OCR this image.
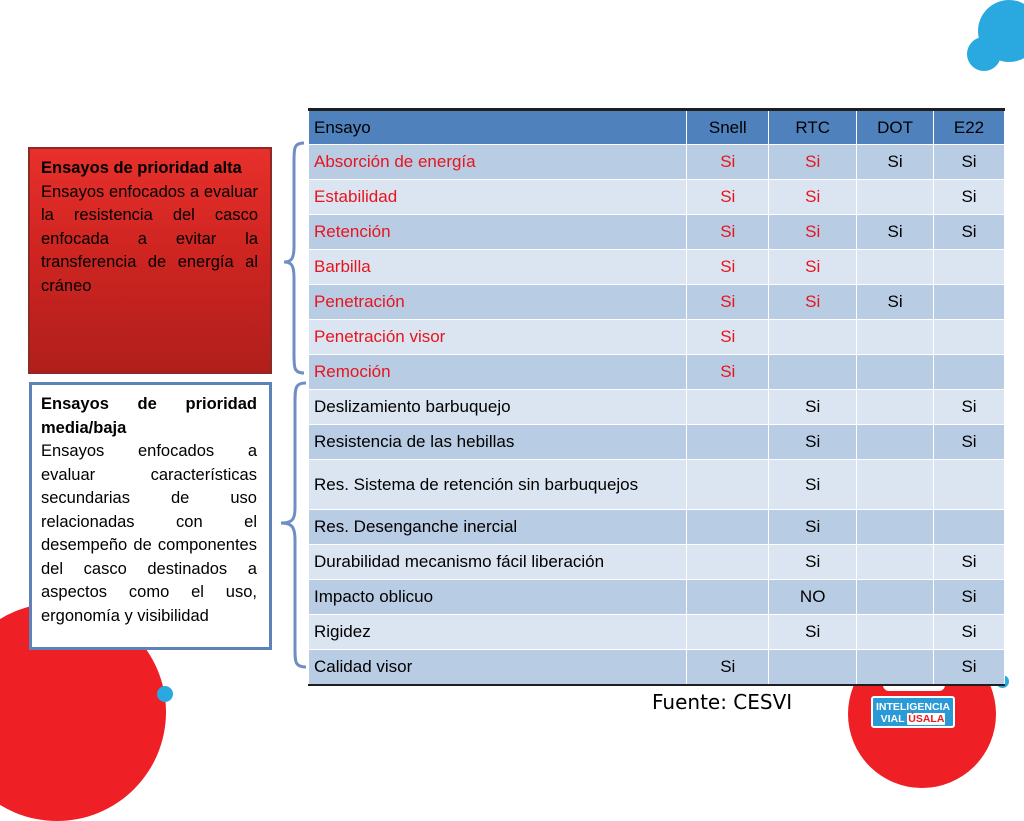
Ensayos de prioridad alta
Ensayos enfocados a evaluar la resistencia del casco enfocada a evitar la transferencia de energía al cráneo
Ensayos de prioridad media/baja
Ensayos enfocados a evaluar características secundarias de uso relacionadas con el desempeño de componentes del casco destinados a aspectos como el uso, ergonomía y visibilidad
Ensayo	Snell	RTC	DOT	E22
Absorción de energía	Si	Si	Si	Si
Estabilidad	Si	Si		Si
Retención	Si	Si	Si	Si
Barbilla	Si	Si		
Penetración	Si	Si	Si	
Penetración visor	Si			
Remoción	Si			
Deslizamiento barbuquejo		Si		Si
Resistencia de las hebillas		Si		Si
Res. Sistema de retención sin barbuquejos		Si		
Res. Desenganche inercial		Si		
Durabilidad mecanismo fácil liberación		Si		Si
Impacto oblicuo		NO		Si
Rigidez		Si		Si
Calidad visor	Si			Si
Fuente: CESVI	INTELIGENCIA
VIAL ÚSALA
